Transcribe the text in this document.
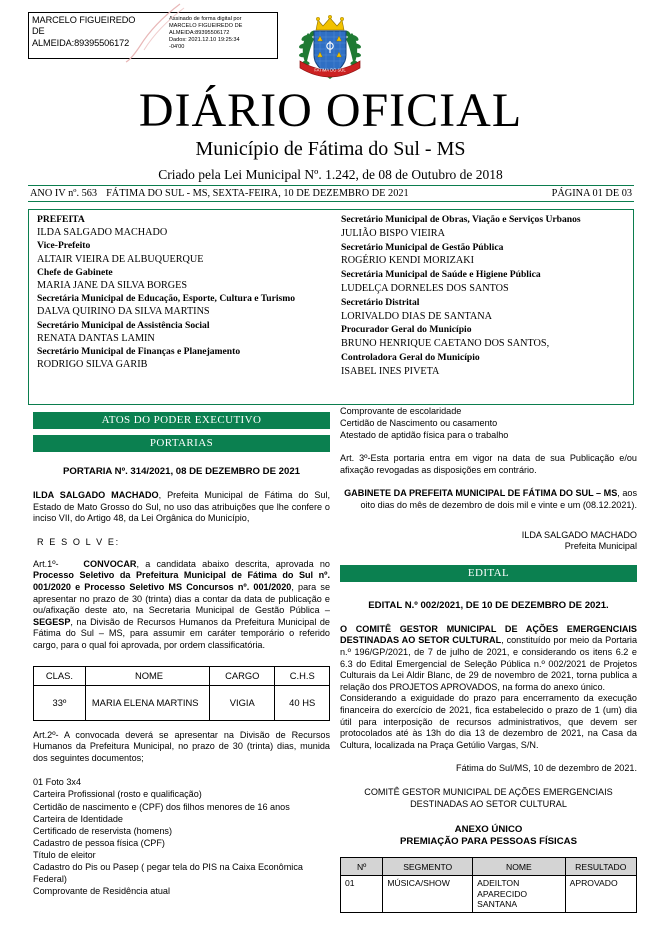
MARCELO FIGUEIREDO
DE
ALMEIDA:89395506172
Assinado de forma digital por
MARCELO FIGUEIREDO DE
ALMEIDA:89395506172
Dados: 2021.12.10 19:25:34
-04'00
FATIMA DO SUL
DIÁRIO OFICIAL
Município de Fátima do Sul - MS
Criado pela Lei Municipal Nº. 1.242, de 08 de Outubro de 2018
ANO IV nº. 563 FÁTIMA DO SUL - MS, SEXTA-FEIRA, 10 DE DEZEMBRO DE 2021	PÁGINA 01 DE 03
PREFEITA
ILDA SALGADO MACHADO
Vice-Prefeito
ALTAIR VIEIRA DE ALBUQUERQUE
Chefe de Gabinete
MARIA JANE DA SILVA BORGES
Secretária Municipal de Educação, Esporte, Cultura e Turismo
DALVA QUIRINO DA SILVA MARTINS
Secretário Municipal de Assistência Social
RENATA DANTAS LAMIN
Secretário Municipal de Finanças e Planejamento
RODRIGO SILVA GARIB
Secretário Municipal de Obras, Viação e Serviços Urbanos
JULIÃO BISPO VIEIRA
Secretário Municipal de Gestão Pública
ROGÉRIO KENDI MORIZAKI
Secretária Municipal de Saúde e Higiene Pública
LUDELÇA DORNELES DOS SANTOS
Secretário Distrital
LORIVALDO DIAS DE SANTANA
Procurador Geral do Município
BRUNO HENRIQUE CAETANO DOS SANTOS,
Controladora Geral do Município
ISABEL INES PIVETA
ATOS DO PODER EXECUTIVO
PORTARIAS
PORTARIA Nº. 314/2021, 08 DE DEZEMBRO DE 2021
ILDA SALGADO MACHADO, Prefeita Municipal de Fátima do Sul, Estado de Mato Grosso do Sul, no uso das atribuições que lhe confere o inciso VII, do Artigo 48, da Lei Orgânica do Município,
R E S O L V E:
Art.1º-	CONVOCAR, a candidata abaixo descrita, aprovada no Processo Seletivo da Prefeitura Municipal de Fátima do Sul nº. 001/2020 e Processo Seletivo MS Concursos nº. 001/2020, para se apresentar no prazo de 30 (trinta) dias a contar da data de publicação e ou/afixação deste ato, na Secretaria Municipal de Gestão Pública – SEGESP, na Divisão de Recursos Humanos da Prefeitura Municipal de Fátima do Sul – MS, para assumir em caráter temporário o referido cargo, para o qual foi aprovada, por ordem classificatória.
CLAS.	NOME	CARGO	C.H.S
33º	MARIA ELENA MARTINS	VIGIA	40 HS
Art.2º- A convocada deverá se apresentar na Divisão de Recursos Humanos da Prefeitura Municipal, no prazo de 30 (trinta) dias, munida dos seguintes documentos;
01 Foto 3x4
Carteira Profissional (rosto e qualificação)
Certidão de nascimento e (CPF) dos filhos menores de 16 anos
Carteira de Identidade
Certificado de reservista (homens)
Cadastro de pessoa física (CPF)
Título de eleitor
Cadastro do Pis ou Pasep ( pegar tela do PIS na Caixa Econômica Federal)
Comprovante de Residência atual
Comprovante de escolaridade
Certidão de Nascimento ou casamento
Atestado de aptidão física para o trabalho
Art. 3º-Esta portaria entra em vigor na data de sua Publicação e/ou afixação revogadas as disposições em contrário.
GABINETE DA PREFEITA MUNICIPAL DE FÁTIMA DO SUL – MS, aos oito dias do mês de dezembro de dois mil e vinte e um (08.12.2021).
ILDA SALGADO MACHADO
Prefeita Municipal
EDITAL
EDITAL N.º 002/2021, DE 10 DE DEZEMBRO DE 2021.
O COMITÊ GESTOR MUNICIPAL DE AÇÕES EMERGENCIAIS DESTINADAS AO SETOR CULTURAL, constituído por meio da Portaria n.º 196/GP/2021, de 7 de julho de 2021, e considerando os itens 6.2 e 6.3 do Edital Emergencial de Seleção Pública n.º 002/2021 de Projetos Culturais da Lei Aldir Blanc, de 29 de novembro de 2021, torna publica a relação dos PROJETOS APROVADOS, na forma do anexo único.
Considerando a exiguidade do prazo para encerramento da execução financeira do exercício de 2021, fica estabelecido o prazo de 1 (um) dia útil para interposição de recursos administrativos, que devem ser protocolados até às 13h do dia 13 de dezembro de 2021, na Casa da Cultura, localizada na Praça Getúlio Vargas, S/N.
Fátima do Sul/MS, 10 de dezembro de 2021.
COMITÊ GESTOR MUNICIPAL DE AÇÕES EMERGENCIAIS DESTINADAS AO SETOR CULTURAL
ANEXO ÚNICO
PREMIAÇÃO PARA PESSOAS FÍSICAS
Nº	SEGMENTO	NOME	RESULTADO
01	MÚSICA/SHOW	ADEILTON APARECIDO SANTANA	APROVADO
